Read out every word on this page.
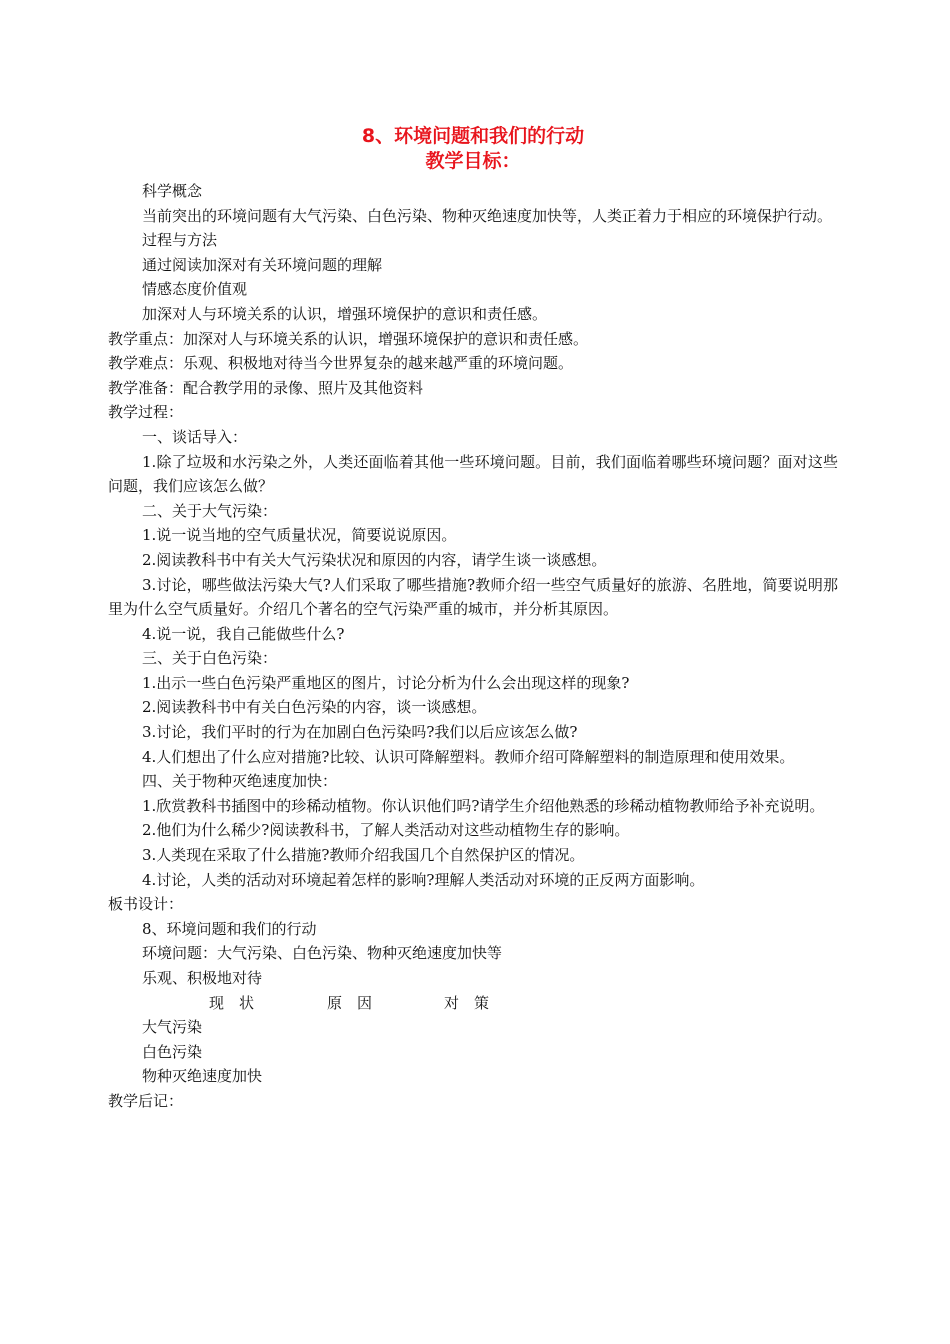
8、环境问题和我们的行动

教学目标：

科学概念

当前突出的环境问题有大气污染、白色污染、物种灭绝速度加快等，人类正着力于相应的环境保护行动。

过程与方法

通过阅读加深对有关环境问题的理解

情感态度价值观

加深对人与环境关系的认识，增强环境保护的意识和责任感。

教学重点：加深对人与环境关系的认识，增强环境保护的意识和责任感。

教学难点：乐观、积极地对待当今世界复杂的越来越严重的环境问题。

教学准备：配合教学用的录像、照片及其他资料

教学过程：

一、谈话导入：

1.除了垃圾和水污染之外，人类还面临着其他一些环境问题。目前，我们面临着哪些环境问题？面对这些问题，我们应该怎么做？

二、关于大气污染：

1.说一说当地的空气质量状况，简要说说原因。

2.阅读教科书中有关大气污染状况和原因的内容，请学生谈一谈感想。

3.讨论，哪些做法污染大气?人们采取了哪些措施?教师介绍一些空气质量好的旅游、名胜地，简要说明那里为什么空气质量好。介绍几个著名的空气污染严重的城市，并分析其原因。

4.说一说，我自己能做些什么?

三、关于白色污染：

1.出示一些白色污染严重地区的图片，讨论分析为什么会出现这样的现象?

2.阅读教科书中有关白色污染的内容，谈一谈感想。

3.讨论，我们平时的行为在加剧白色污染吗?我们以后应该怎么做?

4.人们想出了什么应对措施?比较、认识可降解塑料。教师介绍可降解塑料的制造原理和使用效果。

四、关于物种灭绝速度加快：

1.欣赏教科书插图中的珍稀动植物。你认识他们吗?请学生介绍他熟悉的珍稀动植物教师给予补充说明。

2.他们为什么稀少?阅读教科书，了解人类活动对这些动植物生存的影响。

3.人类现在采取了什么措施?教师介绍我国几个自然保护区的情况。

4.讨论，人类的活动对环境起着怎样的影响?理解人类活动对环境的正反两方面影响。

板书设计：

8、环境问题和我们的行动

环境问题：大气污染、白色污染、物种灭绝速度加快等

乐观、积极地对待

现　状	原　因	对　策

大气污染

白色污染

物种灭绝速度加快

教学后记：
